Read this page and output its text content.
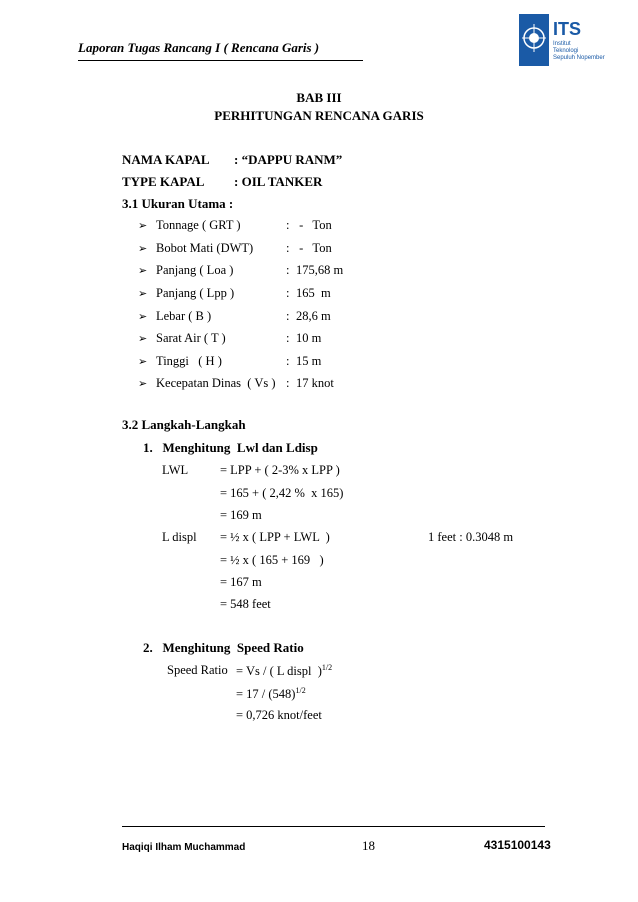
Laporan Tugas Rancang I ( Rencana Garis )
ITS
Institut
Teknologi
Sepuluh Nopember
BAB III
PERHITUNGAN RENCANA GARIS
NAMA KAPAL : “DAPPU RANM”
TYPE KAPAL : OIL TANKER
3.1 Ukuran Utama :
➢ Tonnage ( GRT )	: -   Ton
➢ Bobot Mati (DWT)	: -   Ton
➢ Panjang ( Loa )	: 175,68 m
➢ Panjang ( Lpp )	: 165  m
➢ Lebar ( B )	: 28,6 m
➢ Sarat Air ( T )	: 10 m
➢ Tinggi   ( H )	: 15 m
➢ Kecepatan Dinas  ( Vs ) : 17 knot
3.2 Langkah-Langkah
1.   Menghitung  Lwl dan Ldisp
LWL	= LPP + ( 2-3% x LPP )
= 165 + ( 2,42 %  x 165)
= 169 m
L displ = ½ x ( LPP + LWL  )	1 feet : 0.3048 m
= ½ x ( 165 + 169   )
= 167 m
= 548 feet
2.   Menghitung  Speed Ratio
Speed Ratio = Vs / ( L displ  )$^{1/2}$
= $17 / (548)^{1/2}$
= 0,726 knot/feet
Haqiqi Ilham Muchammad	18	4315100143
